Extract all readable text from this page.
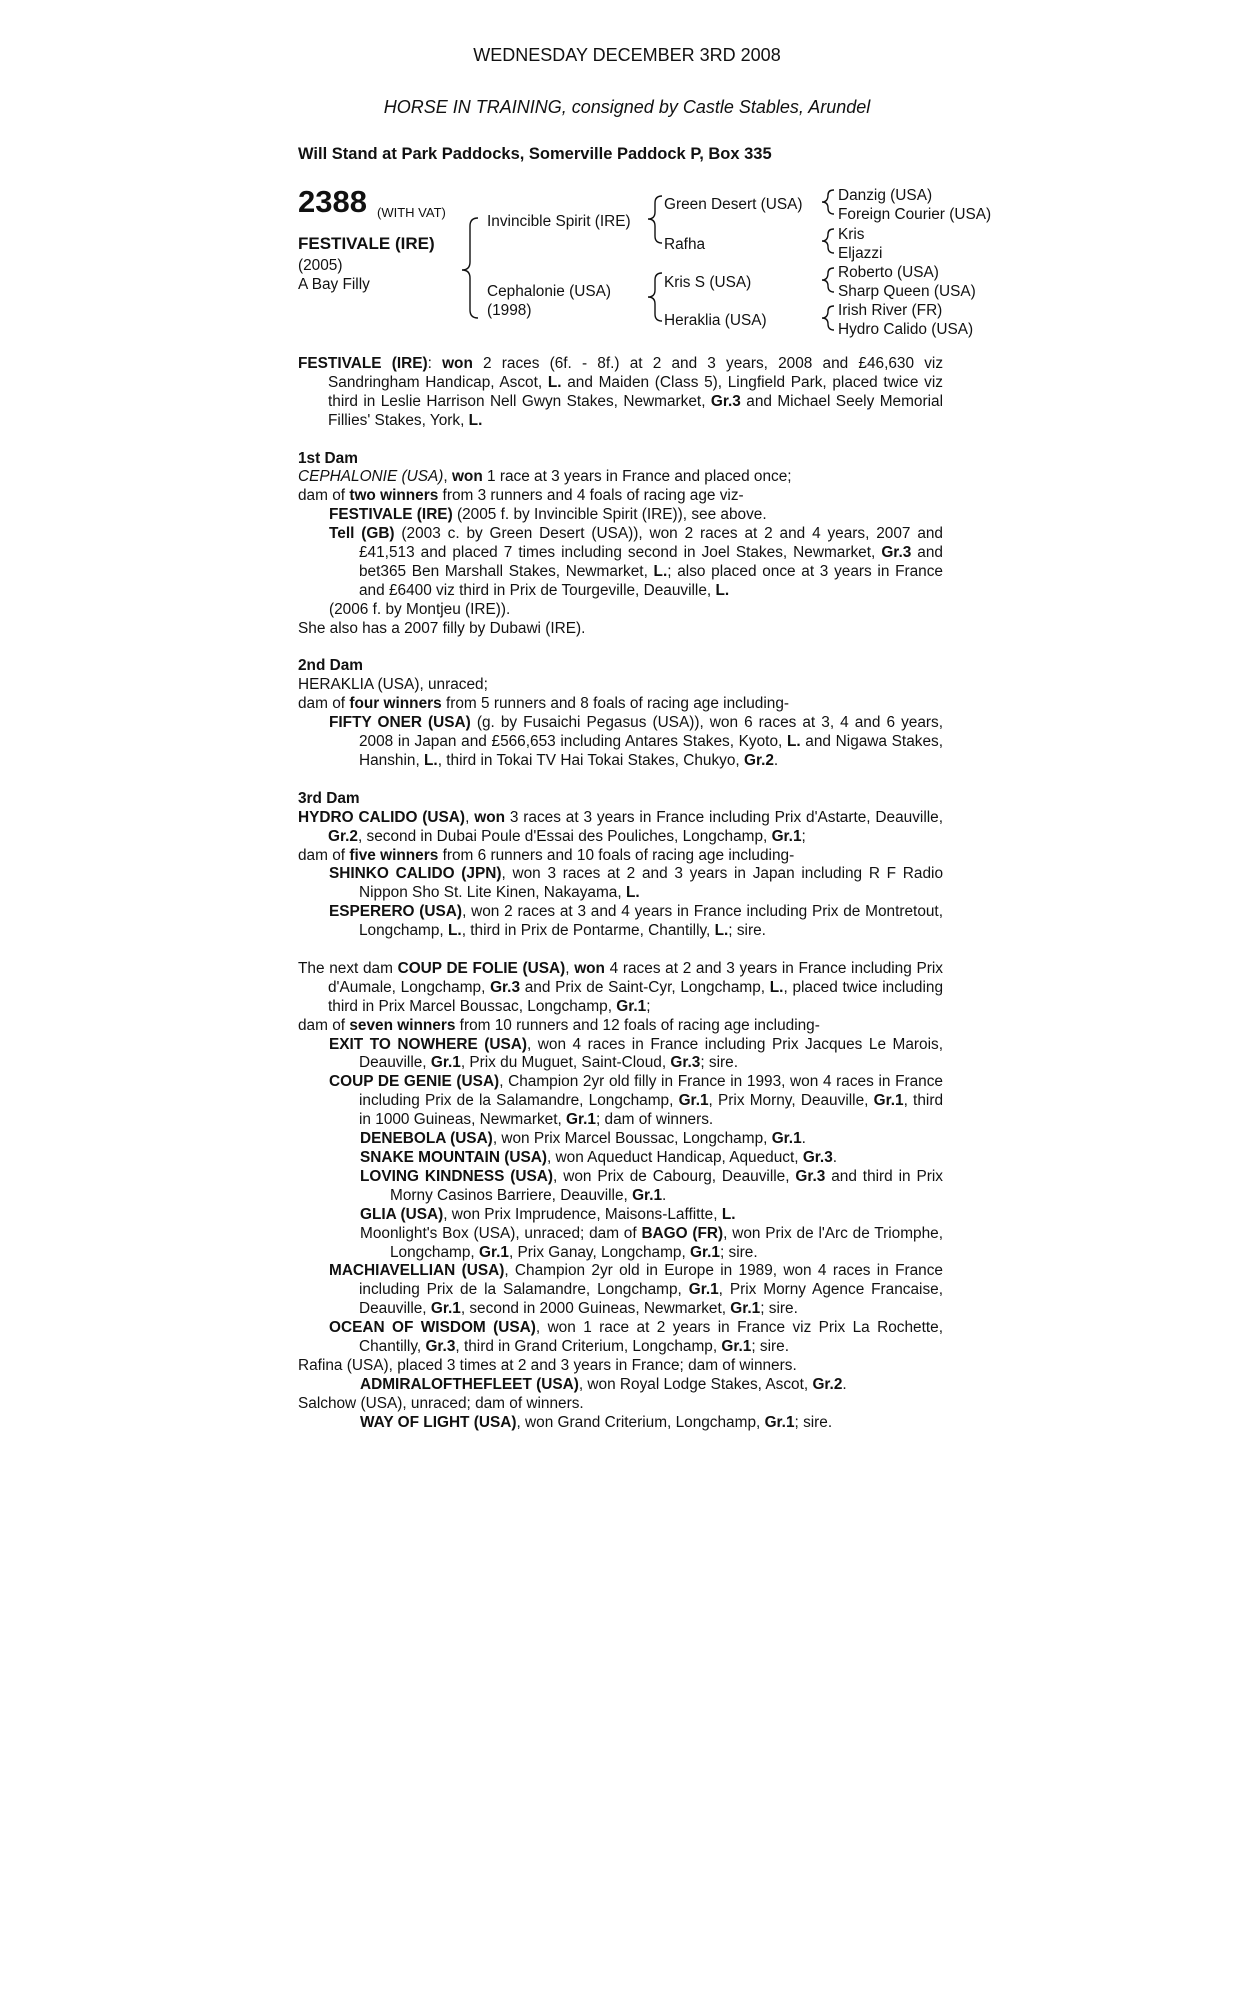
WEDNESDAY DECEMBER 3RD 2008
HORSE IN TRAINING, consigned by Castle Stables, Arundel
Will Stand at Park Paddocks, Somerville Paddock P, Box 335
2388 (WITH VAT)
FESTIVALE (IRE)
(2005)
A Bay Filly
Invincible Spirit (IRE)
Cephalonie (USA)
(1998)
Green Desert (USA)
Rafha
Kris S (USA)
Heraklia (USA)
Danzig (USA)
Foreign Courier (USA)
Kris
Eljazzi
Roberto (USA)
Sharp Queen (USA)
Irish River (FR)
Hydro Calido (USA)

FESTIVALE (IRE): won 2 races (6f. - 8f.) at 2 and 3 years, 2008 and £46,630 viz Sandringham Handicap, Ascot, L. and Maiden (Class 5), Lingfield Park, placed twice viz third in Leslie Harrison Nell Gwyn Stakes, Newmarket, Gr.3 and Michael Seely Memorial Fillies' Stakes, York, L.

1st Dam

CEPHALONIE (USA), won 1 race at 3 years in France and placed once;

dam of two winners from 3 runners and 4 foals of racing age viz-

FESTIVALE (IRE) (2005 f. by Invincible Spirit (IRE)), see above.

Tell (GB) (2003 c. by Green Desert (USA)), won 2 races at 2 and 4 years, 2007 and £41,513 and placed 7 times including second in Joel Stakes, Newmarket, Gr.3 and bet365 Ben Marshall Stakes, Newmarket, L.; also placed once at 3 years in France and £6400 viz third in Prix de Tourgeville, Deauville, L.

(2006 f. by Montjeu (IRE)).

She also has a 2007 filly by Dubawi (IRE).

2nd Dam

HERAKLIA (USA), unraced;

dam of four winners from 5 runners and 8 foals of racing age including-

FIFTY ONER (USA) (g. by Fusaichi Pegasus (USA)), won 6 races at 3, 4 and 6 years, 2008 in Japan and £566,653 including Antares Stakes, Kyoto, L. and Nigawa Stakes, Hanshin, L., third in Tokai TV Hai Tokai Stakes, Chukyo, Gr.2.

3rd Dam

HYDRO CALIDO (USA), won 3 races at 3 years in France including Prix d'Astarte, Deauville, Gr.2, second in Dubai Poule d'Essai des Pouliches, Longchamp, Gr.1;

dam of five winners from 6 runners and 10 foals of racing age including-

SHINKO CALIDO (JPN), won 3 races at 2 and 3 years in Japan including R F Radio Nippon Sho St. Lite Kinen, Nakayama, L.

ESPERERO (USA), won 2 races at 3 and 4 years in France including Prix de Montretout, Longchamp, L., third in Prix de Pontarme, Chantilly, L.; sire.

The next dam COUP DE FOLIE (USA), won 4 races at 2 and 3 years in France including Prix d'Aumale, Longchamp, Gr.3 and Prix de Saint-Cyr, Longchamp, L., placed twice including third in Prix Marcel Boussac, Longchamp, Gr.1;

dam of seven winners from 10 runners and 12 foals of racing age including-

EXIT TO NOWHERE (USA), won 4 races in France including Prix Jacques Le Marois, Deauville, Gr.1, Prix du Muguet, Saint-Cloud, Gr.3; sire.

COUP DE GENIE (USA), Champion 2yr old filly in France in 1993, won 4 races in France including Prix de la Salamandre, Longchamp, Gr.1, Prix Morny, Deauville, Gr.1, third in 1000 Guineas, Newmarket, Gr.1; dam of winners.

DENEBOLA (USA), won Prix Marcel Boussac, Longchamp, Gr.1.

SNAKE MOUNTAIN (USA), won Aqueduct Handicap, Aqueduct, Gr.3.

LOVING KINDNESS (USA), won Prix de Cabourg, Deauville, Gr.3 and third in Prix Morny Casinos Barriere, Deauville, Gr.1.

GLIA (USA), won Prix Imprudence, Maisons-Laffitte, L.

Moonlight's Box (USA), unraced; dam of BAGO (FR), won Prix de l'Arc de Triomphe, Longchamp, Gr.1, Prix Ganay, Longchamp, Gr.1; sire.

MACHIAVELLIAN (USA), Champion 2yr old in Europe in 1989, won 4 races in France including Prix de la Salamandre, Longchamp, Gr.1, Prix Morny Agence Francaise, Deauville, Gr.1, second in 2000 Guineas, Newmarket, Gr.1; sire.

OCEAN OF WISDOM (USA), won 1 race at 2 years in France viz Prix La Rochette, Chantilly, Gr.3, third in Grand Criterium, Longchamp, Gr.1; sire.

Rafina (USA), placed 3 times at 2 and 3 years in France; dam of winners.

ADMIRALOFTHEFLEET (USA), won Royal Lodge Stakes, Ascot, Gr.2.

Salchow (USA), unraced; dam of winners.

WAY OF LIGHT (USA), won Grand Criterium, Longchamp, Gr.1; sire.
